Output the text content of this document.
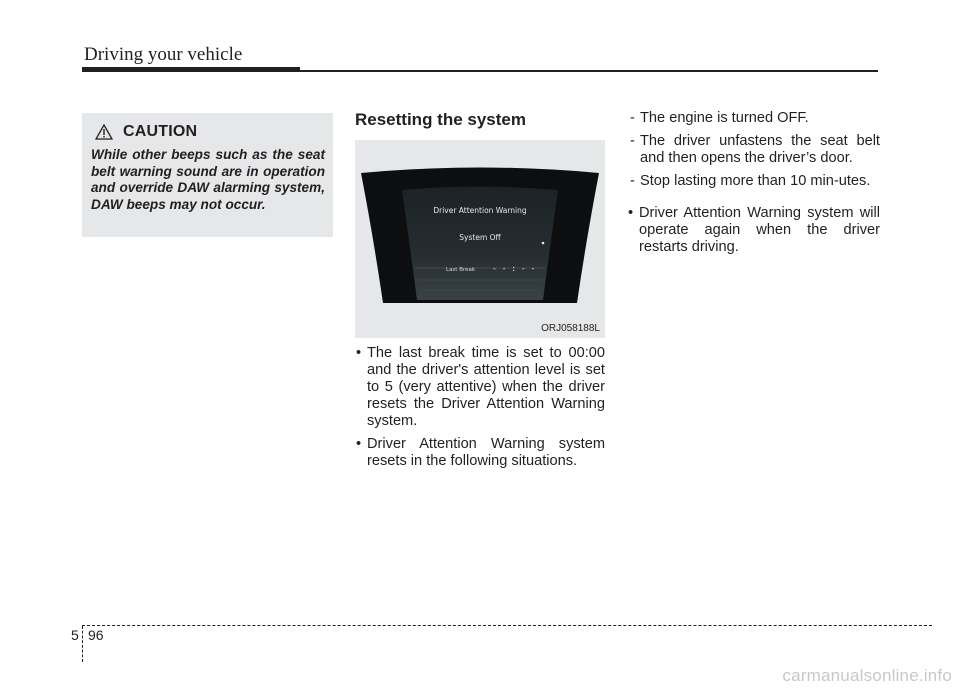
Driving your vehicle
CAUTION
While other beeps such as the seat belt warning sound are in operation and override DAW alarming system, DAW beeps may not occur.
Resetting the system
Driver Attention Warning
System Off
Last Break - - : - -
ORJ058188L
• The last break time is set to 00:00 and the driver's attention level is set to 5 (very attentive) when the driver resets the Driver Attention Warning system.
• Driver Attention Warning system resets in the following situations.
- The engine is turned OFF.
- The driver unfastens the seat belt and then opens the driver’s door.
- Stop lasting more than 10 min-utes.
• Driver Attention Warning system will operate again when the driver restarts driving.
5 96
carmanualsonline.info
